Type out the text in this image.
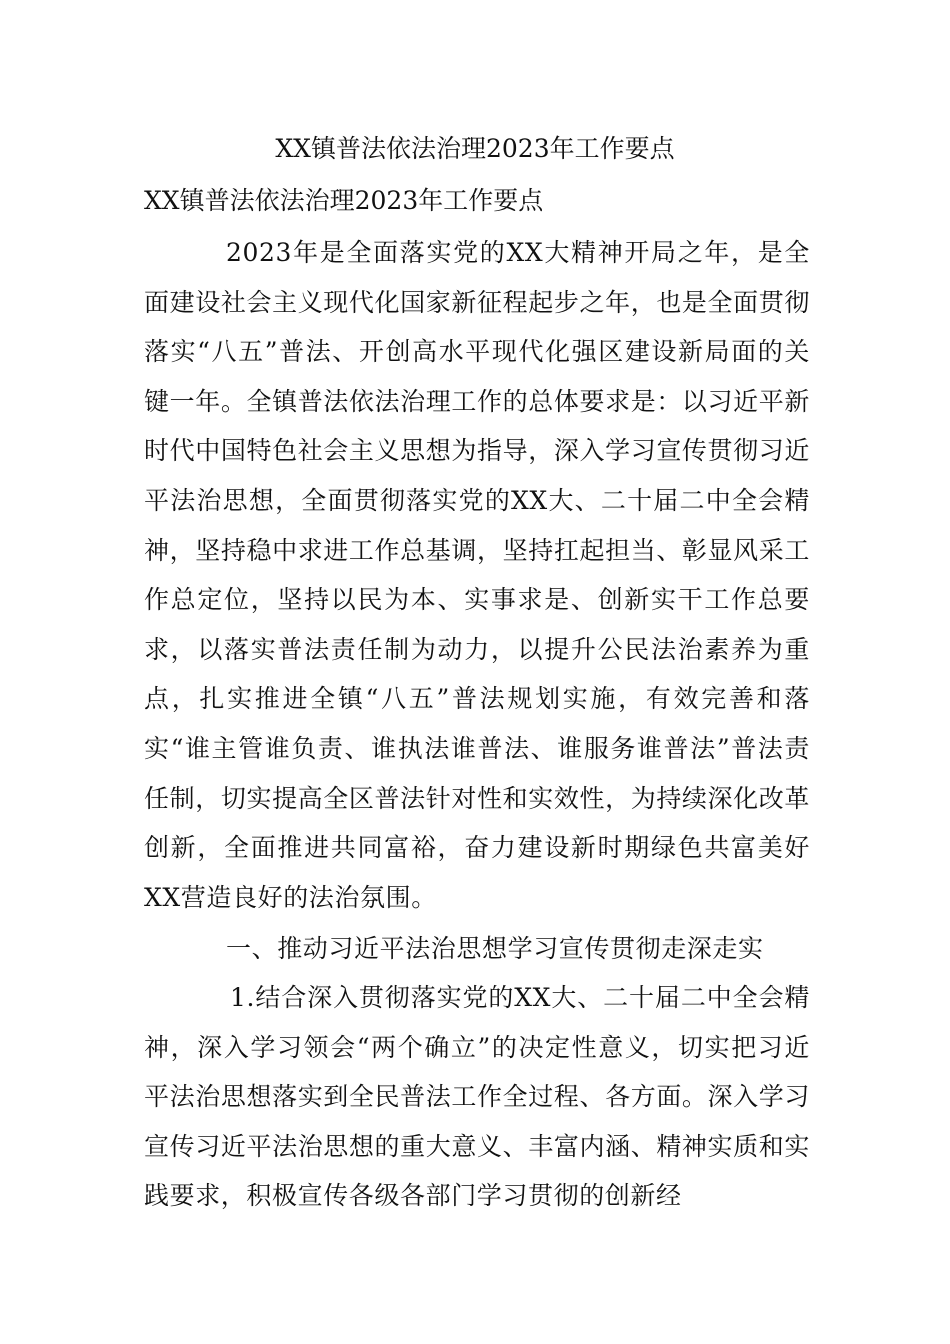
XX镇普法依法治理2023年工作要点

XX镇普法依法治理2023年工作要点

2023年是全面落实党的XX大精神开局之年，是全面建设社会主义现代化国家新征程起步之年，也是全面贯彻落实“八五”普法、开创高水平现代化强区建设新局面的关键一年。全镇普法依法治理工作的总体要求是：以习近平新时代中国特色社会主义思想为指导，深入学习宣传贯彻习近平法治思想，全面贯彻落实党的XX大、二十届二中全会精神，坚持稳中求进工作总基调，坚持扛起担当、彰显风采工作总定位，坚持以民为本、实事求是、创新实干工作总要求，以落实普法责任制为动力，以提升公民法治素养为重点，扎实推进全镇“八五”普法规划实施，有效完善和落实“谁主管谁负责、谁执法谁普法、谁服务谁普法”普法责任制，切实提高全区普法针对性和实效性，为持续深化改革创新，全面推进共同富裕，奋力建设新时期绿色共富美好XX营造良好的法治氛围。

一、推动习近平法治思想学习宣传贯彻走深走实

1.结合深入贯彻落实党的XX大、二十届二中全会精神，深入学习领会“两个确立”的决定性意义，切实把习近平法治思想落实到全民普法工作全过程、各方面。深入学习宣传习近平法治思想的重大意义、丰富内涵、精神实质和实践要求，积极宣传各级各部门学习贯彻的创新经
